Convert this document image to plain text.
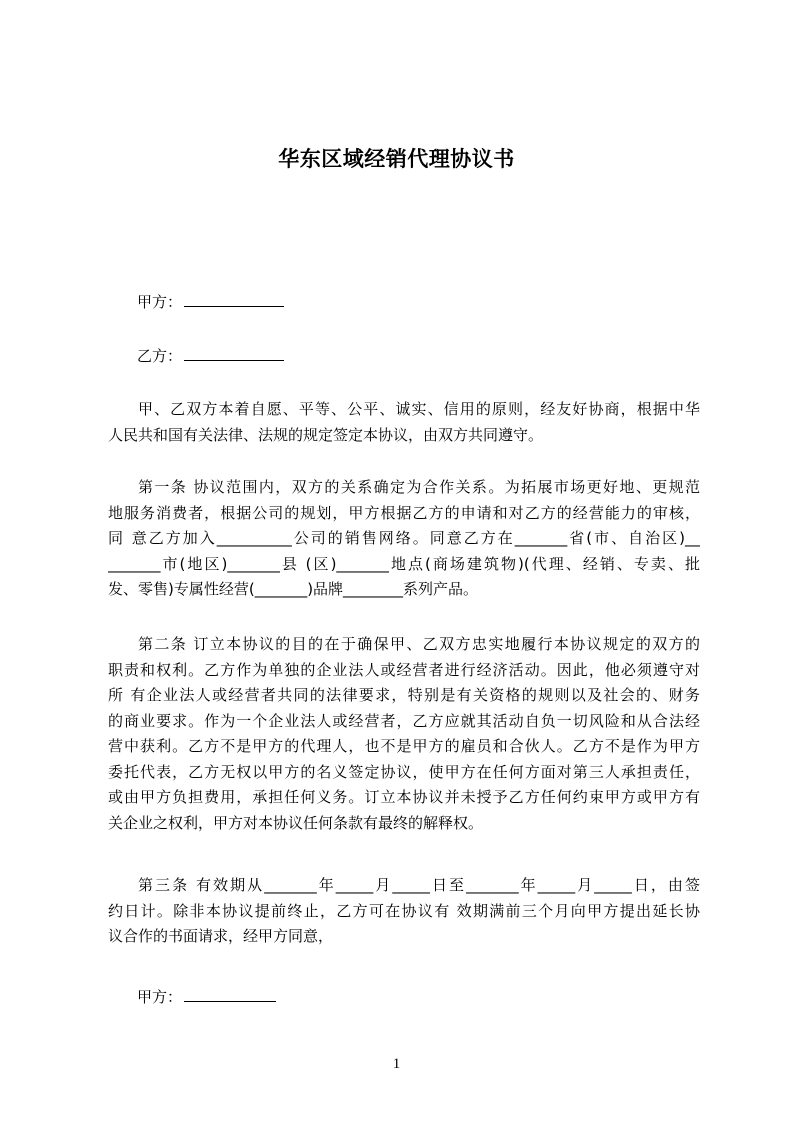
华东区域经销代理协议书

甲方：

乙方：

甲、乙双方本着自愿、平等、公平、诚实、信用的原则，经友好协商，根据中华
人民共和国有关法律、法规的规定签定本协议，由双方共同遵守。
第一条 协议范围内，双方的关系确定为合作关系。为拓展市场更好地、更规范
地服务消费者，根据公司的规划，甲方根据乙方的申请和对乙方的经营能力的审核，
同 意乙方加入__________公司的销售网络。同意乙方在_______省(市、自治区)__
_______市(地区)_______县 (区)_______地点(商场建筑物)(代理、经销、专卖、批
发、零售)专属性经营(_______)品牌________系列产品。
第二条 订立本协议的目的在于确保甲、乙双方忠实地履行本协议规定的双方的
职责和权利。乙方作为单独的企业法人或经营者进行经济活动。因此，他必须遵守对
所 有企业法人或经营者共同的法律要求，特别是有关资格的规则以及社会的、财务
的商业要求。作为一个企业法人或经营者，乙方应就其活动自负一切风险和从合法经
营中获利。乙方不是甲方的代理人，也不是甲方的雇员和合伙人。乙方不是作为甲方
委托代表，乙方无权以甲方的名义签定协议，使甲方在任何方面对第三人承担责任，
或由甲方负担费用，承担任何义务。订立本协议并未授予乙方任何约束甲方或甲方有
关企业之权利，甲方对本协议任何条款有最终的解释权。
第三条 有效期从_______年_____月_____日至_______年_____月_____日，由签
约日计。除非本协议提前终止，乙方可在协议有 效期满前三个月向甲方提出延长协
议合作的书面请求，经甲方同意，

甲方：

1
